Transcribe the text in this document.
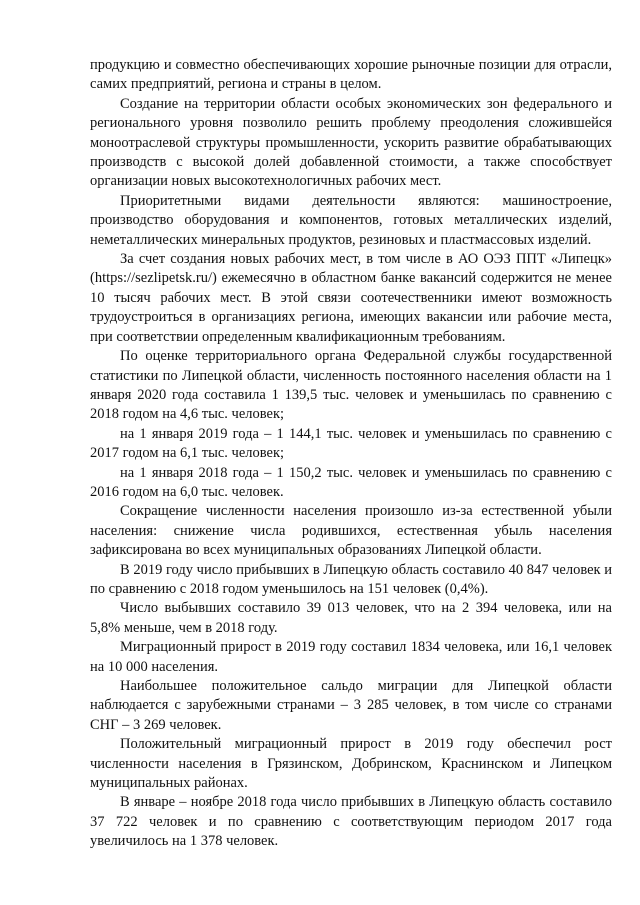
продукцию и совместно обеспечивающих хорошие рыночные позиции для отрасли, самих предприятий, региона и страны в целом.

Создание на территории области особых экономических зон федерального и регионального уровня позволило решить проблему преодоления сложившейся моноотраслевой структуры промышленности, ускорить развитие обрабатывающих производств с высокой долей добавленной стоимости, а также способствует организации новых высокотехнологичных рабочих мест.

Приоритетными видами деятельности являются: машиностроение, производство оборудования и компонентов, готовых металлических изделий, неметаллических минеральных продуктов, резиновых и пластмассовых изделий.

За счет создания новых рабочих мест, в том числе в АО ОЭЗ ППТ «Липецк» (https://sezlipetsk.ru/) ежемесячно в областном банке вакансий содержится не менее 10 тысяч рабочих мест. В этой связи соотечественники имеют возможность трудоустроиться в организациях региона, имеющих вакансии или рабочие места, при соответствии определенным квалификационным требованиям.

По оценке территориального органа Федеральной службы государственной статистики по Липецкой области, численность постоянного населения области на 1 января 2020 года составила 1 139,5 тыс. человек и уменьшилась по сравнению с 2018 годом на 4,6 тыс. человек;

на 1 января 2019 года – 1 144,1 тыс. человек и уменьшилась по сравнению с 2017 годом на 6,1 тыс. человек;

на 1 января 2018 года – 1 150,2 тыс. человек и уменьшилась по сравнению с 2016 годом на 6,0 тыс. человек.

Сокращение численности населения произошло из-за естественной убыли населения: снижение числа родившихся, естественная убыль населения зафиксирована во всех муниципальных образованиях Липецкой области.

В 2019 году число прибывших в Липецкую область составило 40 847 человек и по сравнению с 2018 годом уменьшилось на 151 человек (0,4%).

Число выбывших составило 39 013 человек, что на 2 394 человека, или на 5,8% меньше, чем в 2018 году.

Миграционный прирост в 2019 году составил 1834 человека, или 16,1 человек на 10 000 населения.

Наибольшее положительное сальдо миграции для Липецкой области наблюдается с зарубежными странами – 3 285 человек, в том числе со странами СНГ – 3 269 человек.

Положительный миграционный прирост в 2019 году обеспечил рост численности населения в Грязинском, Добринском, Краснинском и Липецком муниципальных районах.

В январе – ноябре 2018 года число прибывших в Липецкую область составило 37 722 человек и по сравнению с соответствующим периодом 2017 года увеличилось на 1 378 человек.
